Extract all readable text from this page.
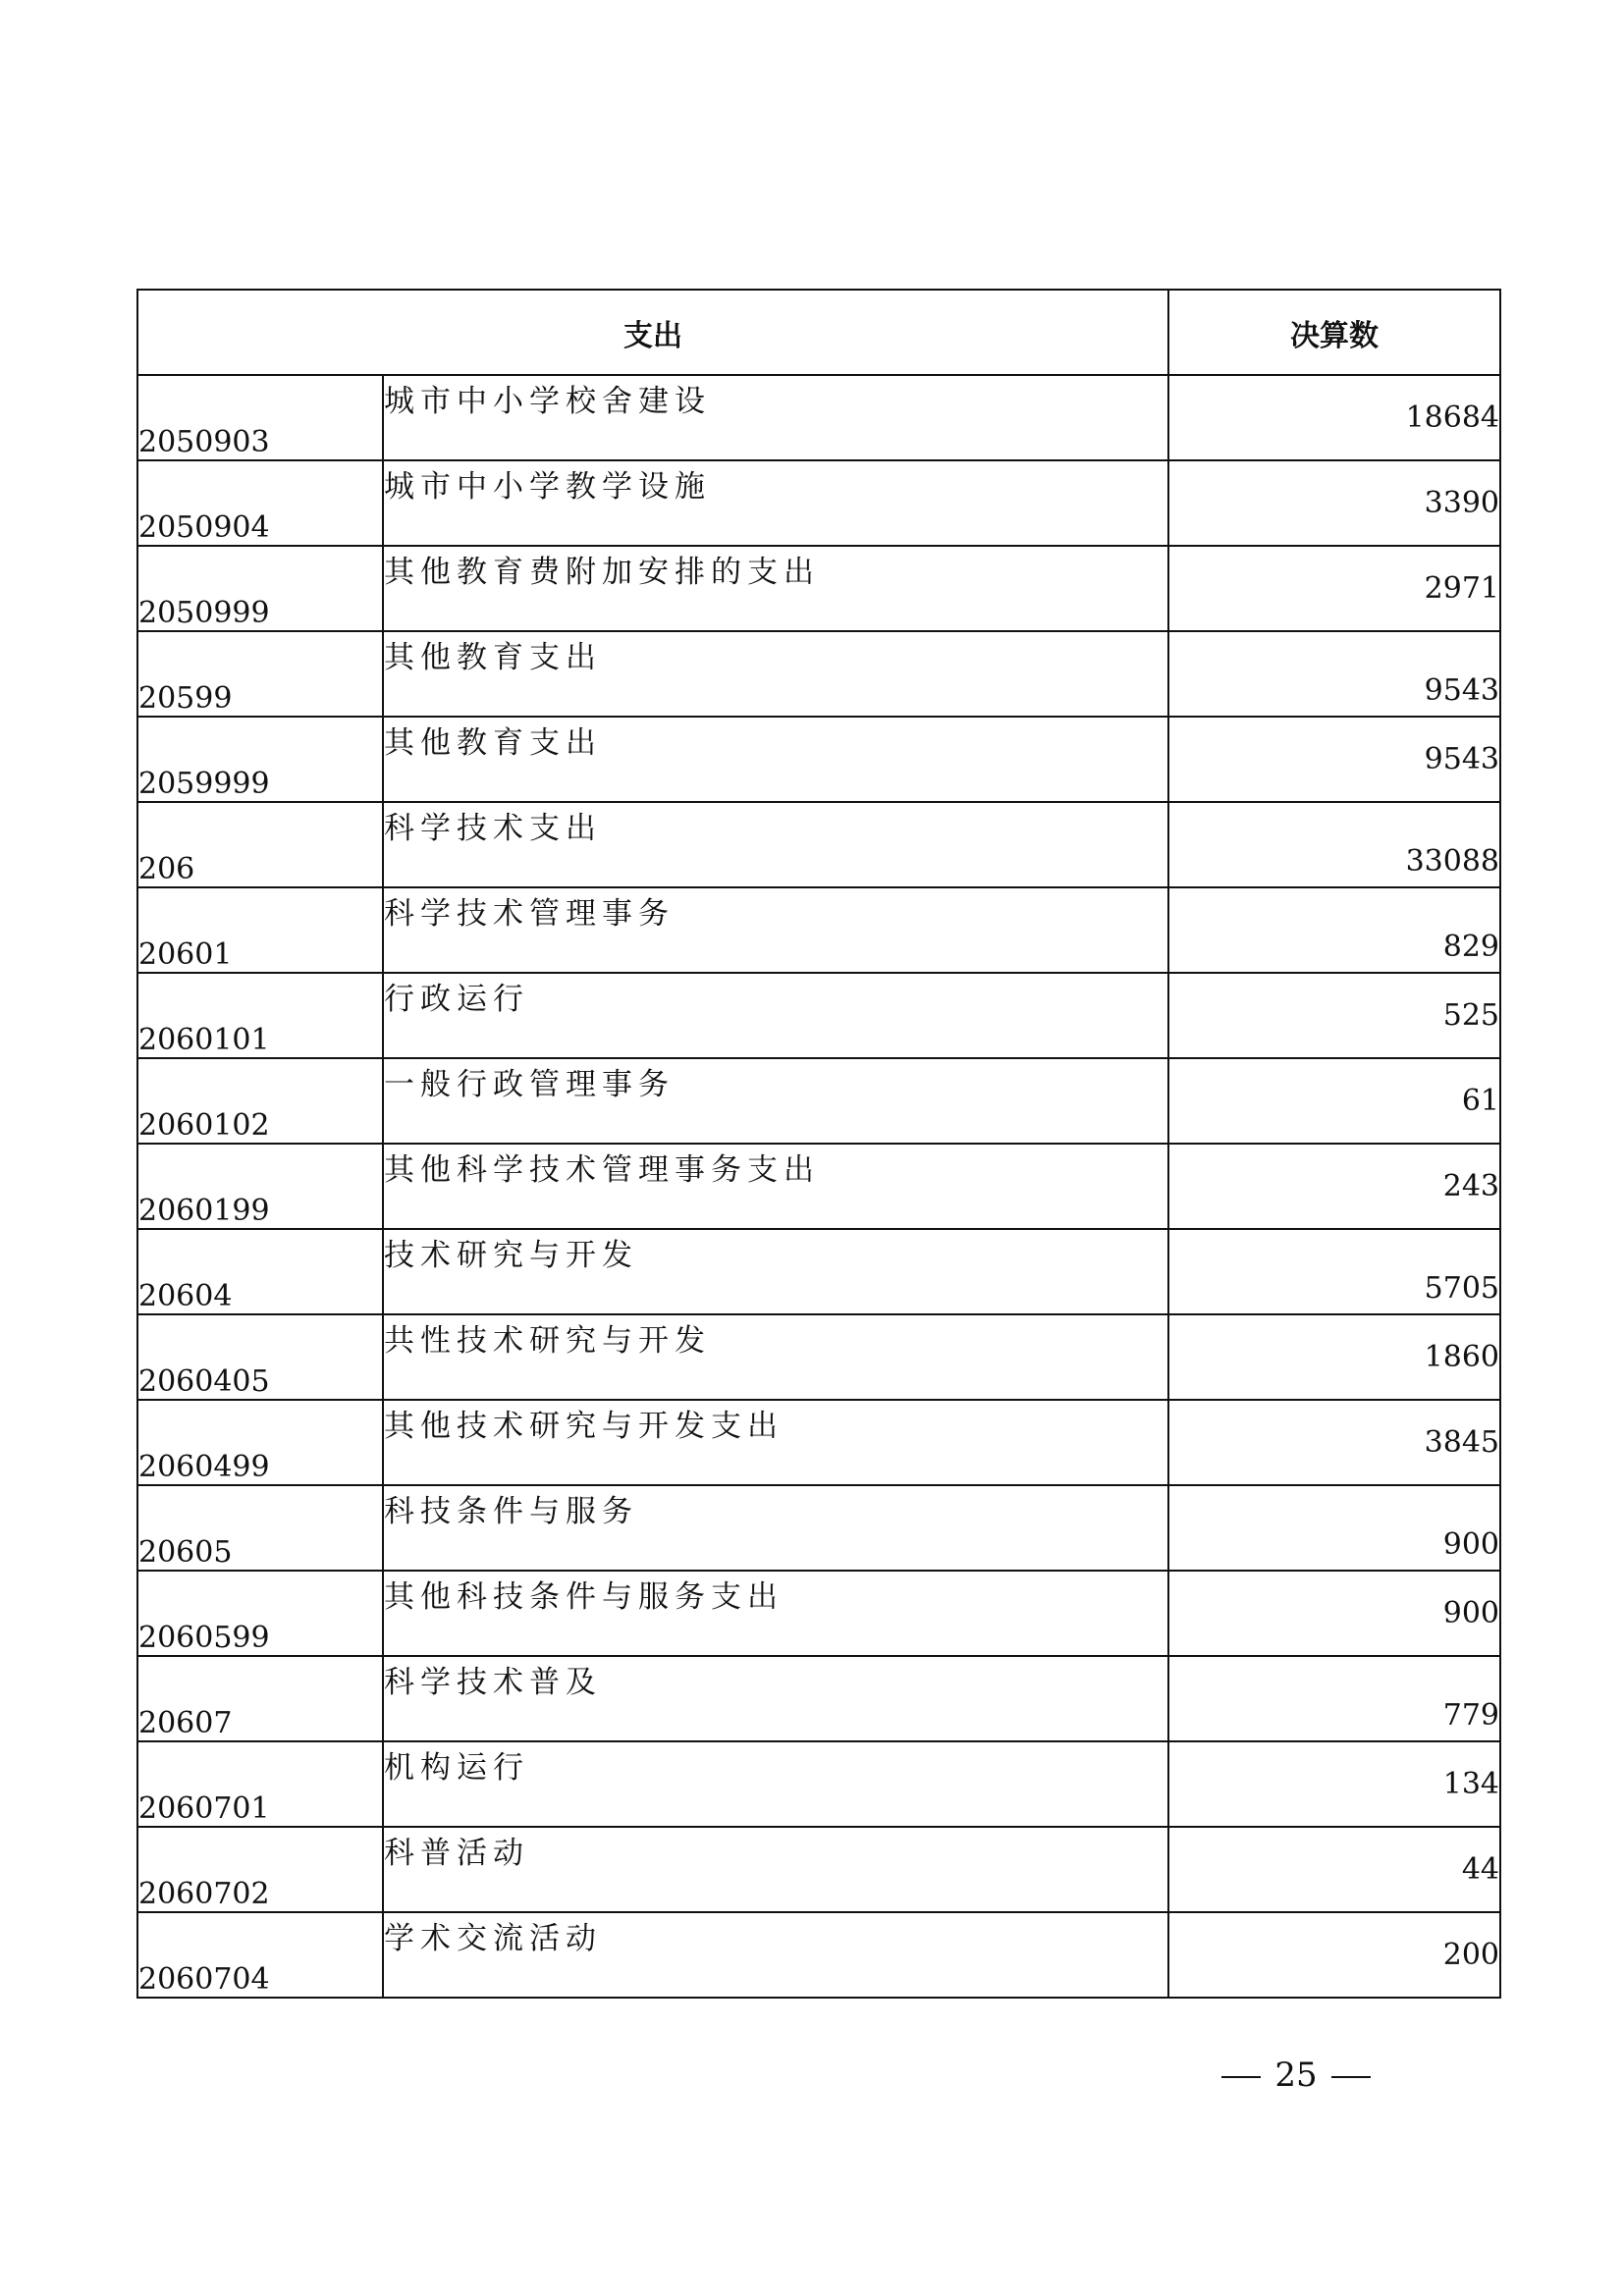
支出		决算数
2050903	城市中小学校舍建设	18684
2050904	城市中小学教学设施	3390
2050999	其他教育费附加安排的支出	2971
20599	其他教育支出	9543
2059999	其他教育支出	9543
206	科学技术支出	33088
20601	科学技术管理事务	829
2060101	行政运行	525
2060102	一般行政管理事务	61
2060199	其他科学技术管理事务支出	243
20604	技术研究与开发	5705
2060405	共性技术研究与开发	1860
2060499	其他技术研究与开发支出	3845
20605	科技条件与服务	900
2060599	其他科技条件与服务支出	900
20607	科学技术普及	779
2060701	机构运行	134
2060702	科普活动	44
2060704	学术交流活动	200
25
